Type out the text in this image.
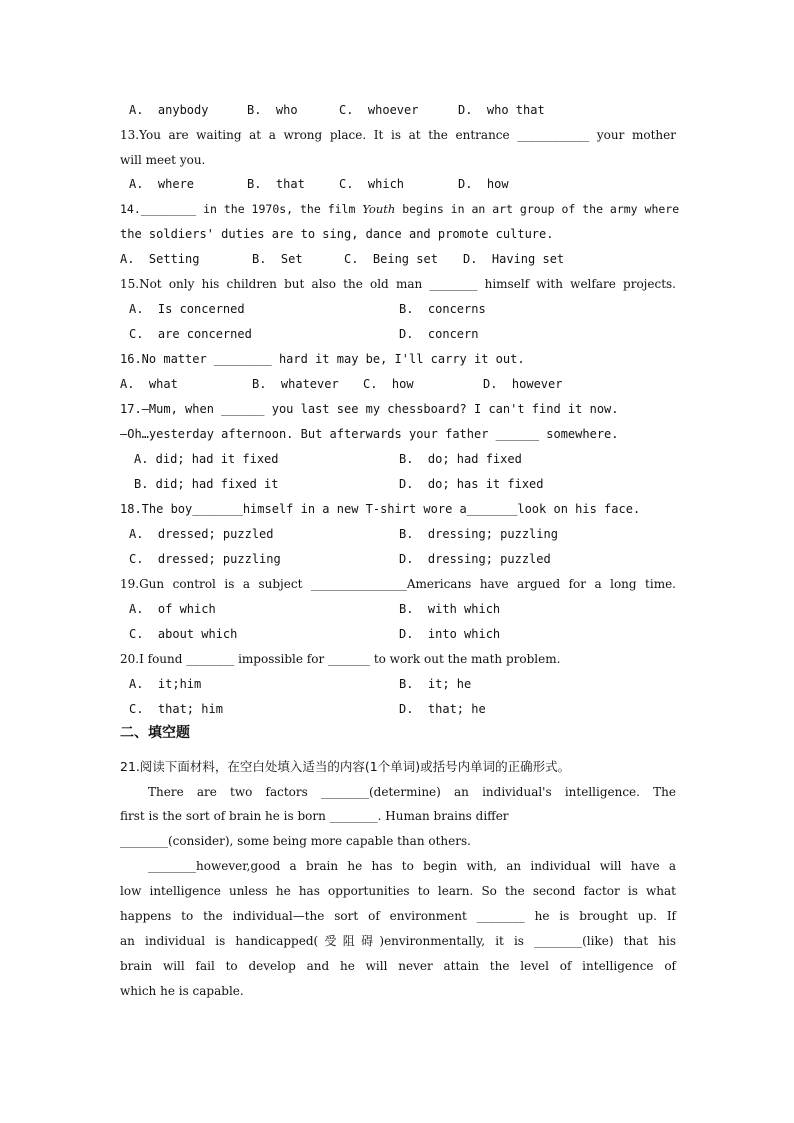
A.  anybody	B.  who	C.  whoever	D.  who that
13.You are waiting at a wrong place. It is at the entrance ____________ your mother
will meet you.
A.  where	B.  that	C.  which	D.  how
14.________ in the 1970s, the film Youth begins in an art group of the army where
the soldiers' duties are to sing, dance and promote culture.
A.  Setting	B.  Set	C.  Being set D.  Having set
15.Not only his children but also the old man ________ himself with welfare projects.
A.  Is concerned	B.  concerns
C.  are concerned	D.  concern
16.No matter ________ hard it may be, I'll carry it out.
A.  what	B.  whatever C.  how	D.  however
17.—Mum, when ______ you last see my chessboard? I can't find it now.
—Oh…yesterday afternoon. But afterwards your father ______ somewhere.
A. did; had it fixed	B.  do; had fixed
B. did; had fixed it	D.  do; has it fixed
18.The boy_______himself in a new T-shirt wore a_______look on his face.
A.  dressed; puzzled	B.  dressing; puzzling
C.  dressed; puzzling	D.  dressing; puzzled
19.Gun control is a subject ________________Americans have argued for a long time.
A.  of which	B.  with which
C.  about which	D.  into which
20.I found ________ impossible for _______ to work out the math problem.
A.  it;him	B.  it; he
C.  that; him	D.  that; he
二、填空题
21.阅读下面材料，在空白处填入适当的内容(1个单词)或括号内单词的正确形式。
There are two factors ________(determine) an individual's intelligence. The
first is the sort of brain he is born ________. Human brains differ
________(consider), some being more capable than others.
________however,good a brain he has to begin with, an individual will have a
low intelligence unless he has opportunities to learn. So the second factor is what
happens to the individual—the sort of environment ________ he is brought up. If
an individual is handicapped(受阻碍)environmentally, it is ________(like) that his
brain will fail to develop and he will never attain the level of intelligence of
which he is capable.
